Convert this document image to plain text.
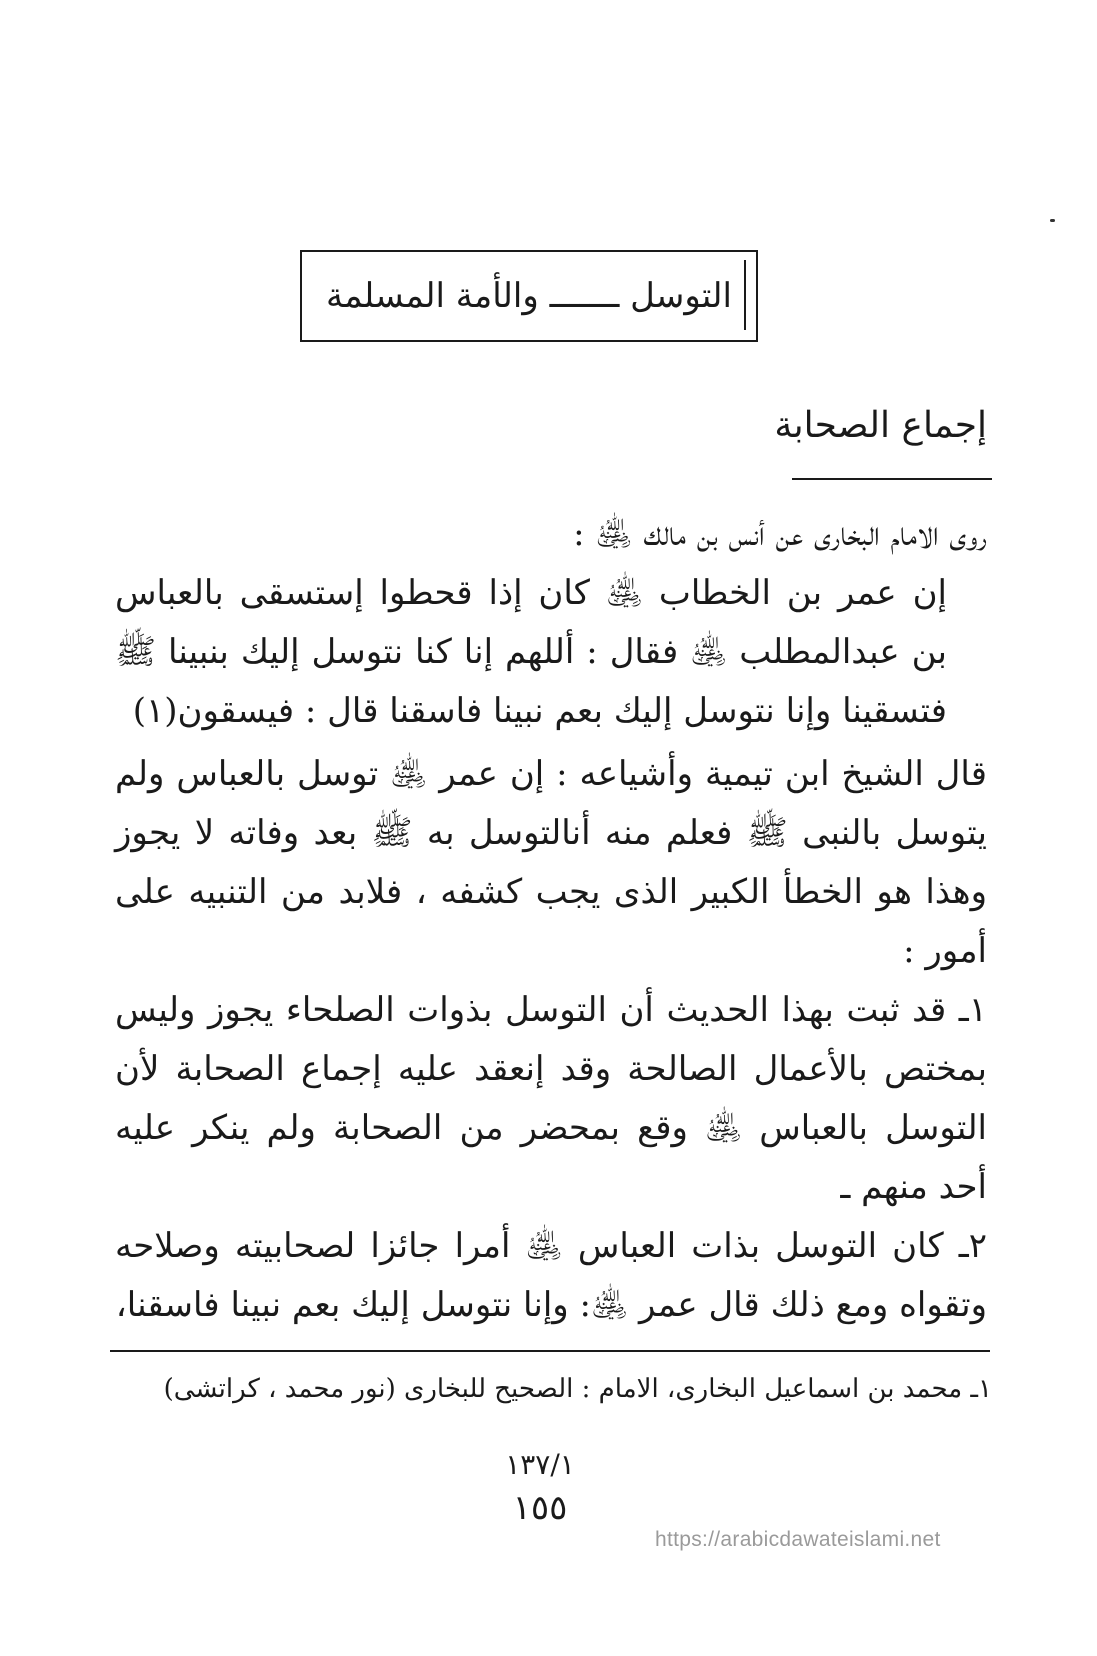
التوسل ـــــــ والأمة المسلمة
إجماع الصحابة

روى الامام البخارى عن أنس بن مالك ﵁ :

إن عمر بن الخطاب ﵁ كان إذا قحطوا إستسقى بالعباس بن عبدالمطلب ﵁ فقال : أللهم إنا كنا نتوسل إليك بنبينا ﷺ فتسقينا وإنا نتوسل إليك بعم نبينا فاسقنا قال : فيسقون(١)

قال الشيخ ابن تيمية وأشياعه : إن عمر ﵁ توسل بالعباس ولم يتوسل بالنبى ﷺ فعلم منه أنالتوسل به ﷺ بعد وفاته لا يجوز وهذا هو الخطأ الكبير الذى يجب كشفه ، فلابد من التنبيه على أمور :

١ـ قد ثبت بهذا الحديث أن التوسل بذوات الصلحاء يجوز وليس بمختص بالأعمال الصالحة وقد إنعقد عليه إجماع الصحابة لأن التوسل بالعباس ﵁ وقع بمحضر من الصحابة ولم ينكر عليه أحد منهم ـ

٢ـ كان التوسل بذات العباس ﵁ أمرا جائزا لصحابيته وصلاحه وتقواه ومع ذلك قال عمر ﵁: وإنا نتوسل إليك بعم نبينا فاسقنا،

١ـ محمد بن اسماعيل البخارى، الامام : الصحيح للبخارى (نور محمد ، كراتشى)
١٣٧/١
١٥٥
https://arabicdawateislami.net
